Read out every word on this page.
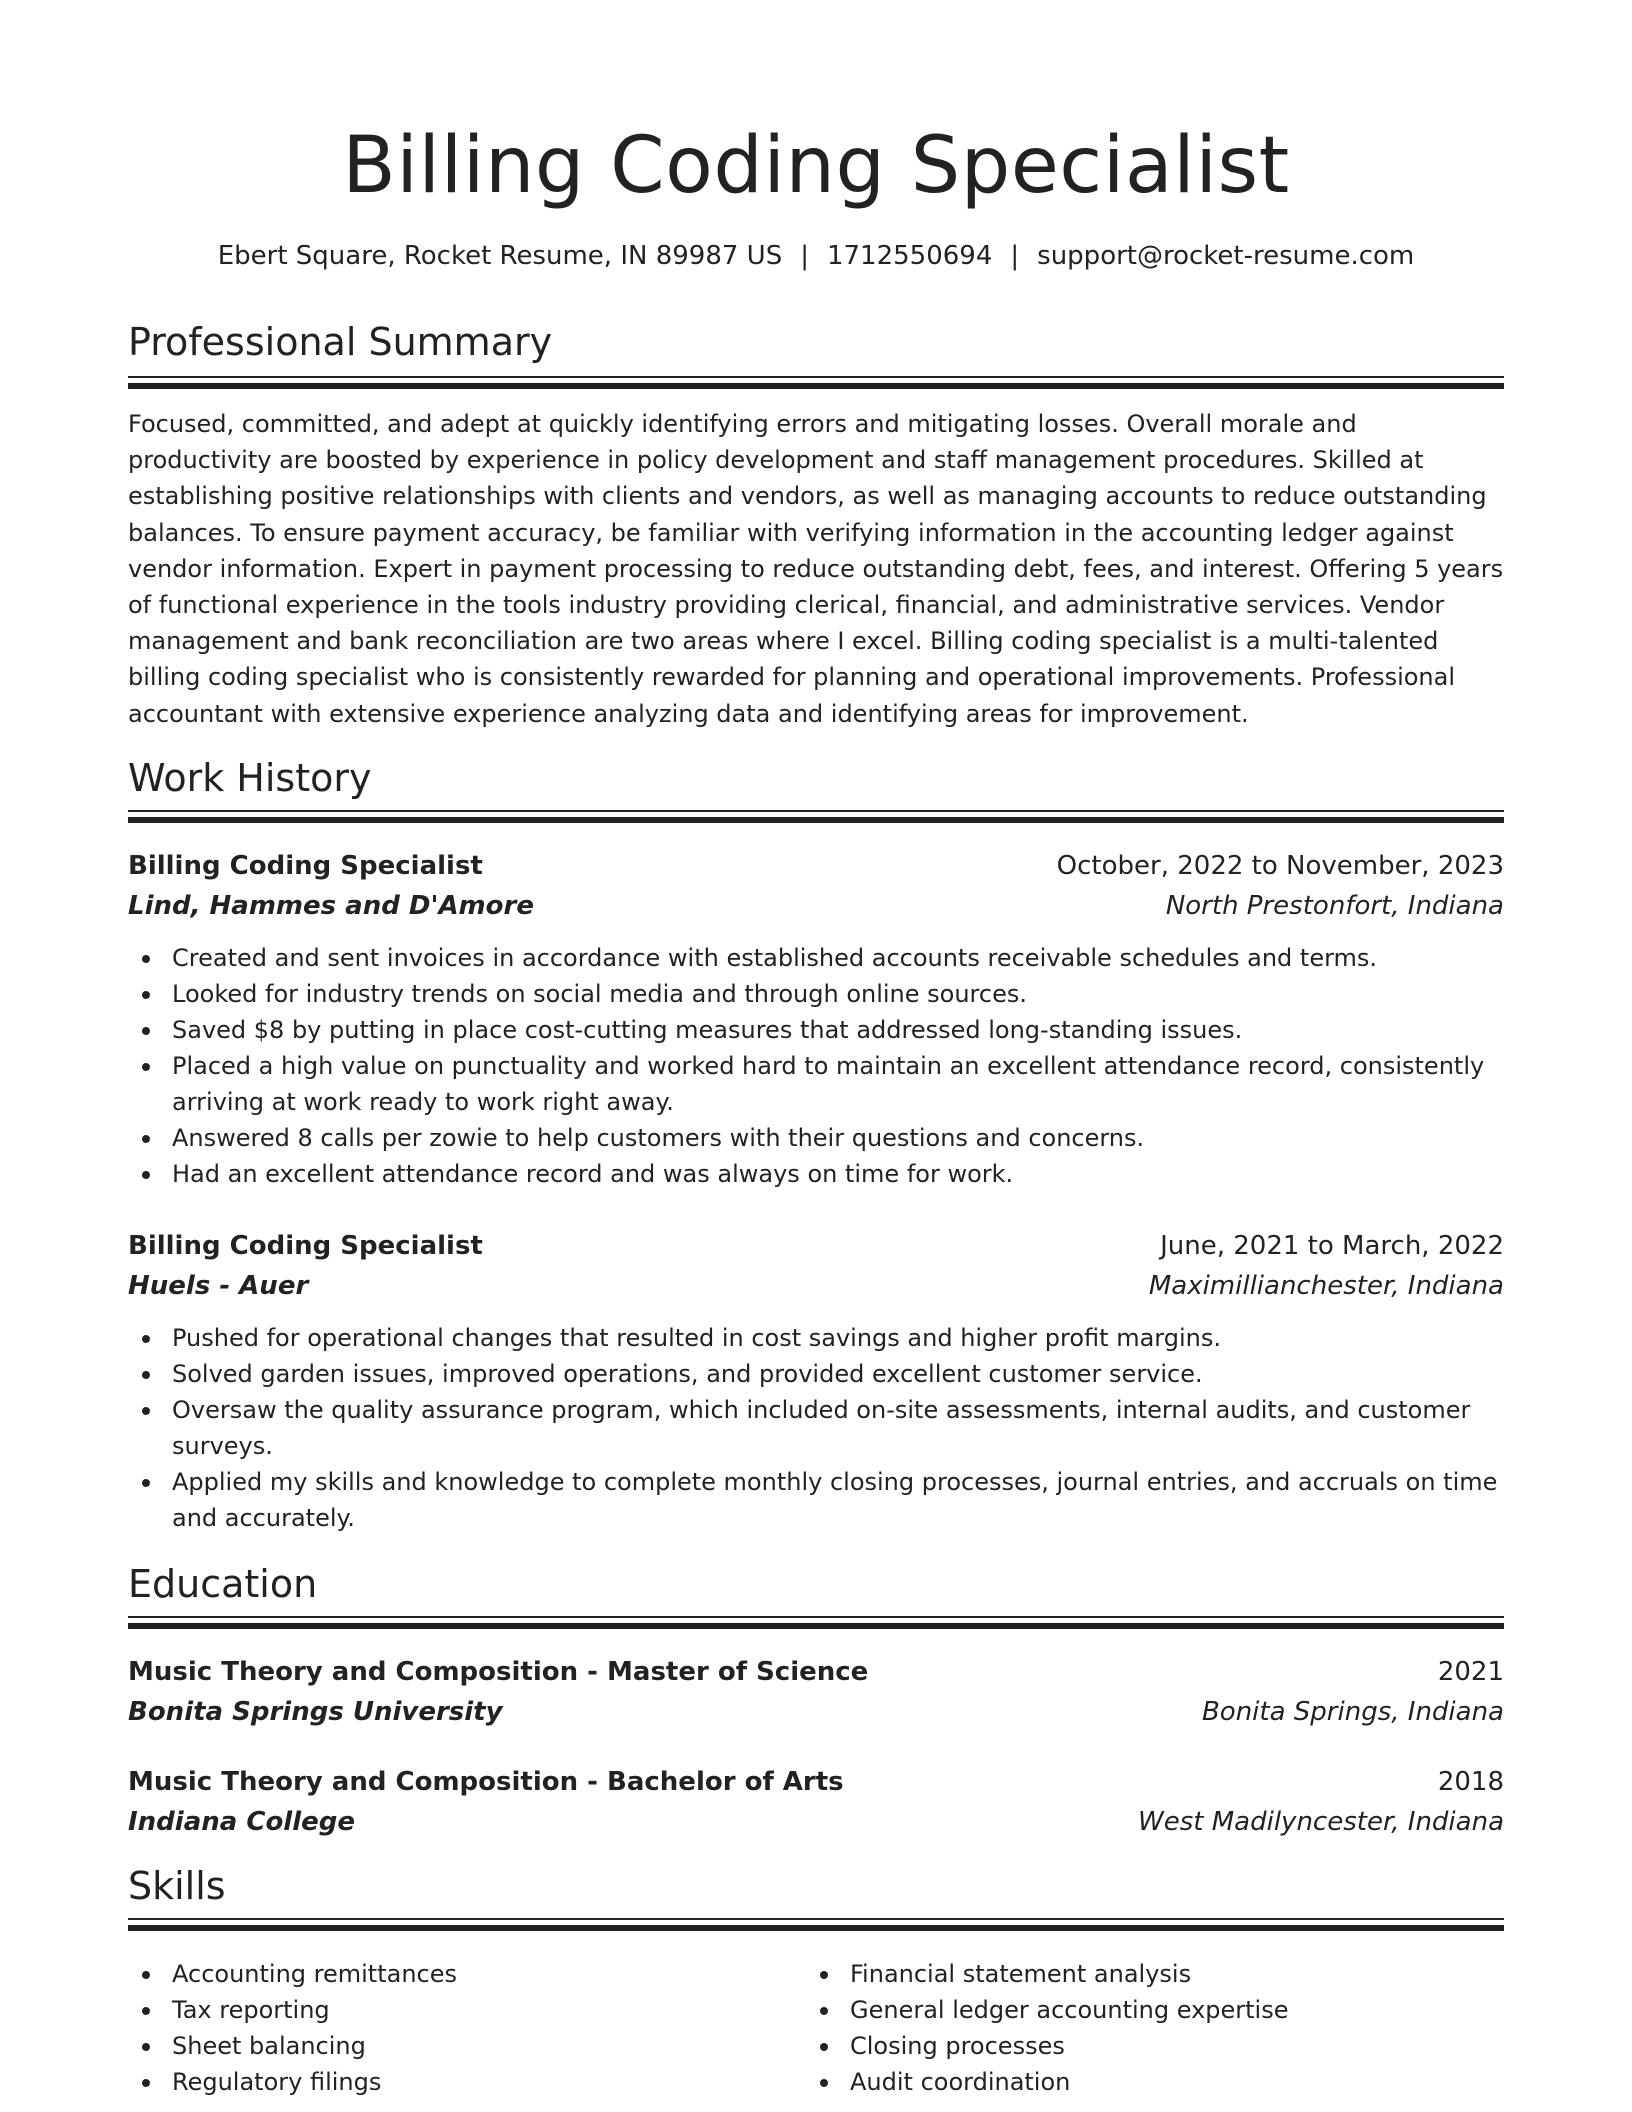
Billing Coding Specialist
Ebert Square, Rocket Resume, IN 89987 US | 1712550694 | support@rocket-resume.com
Professional Summary

Focused, committed, and adept at quickly identifying errors and mitigating losses. Overall morale and productivity are boosted by experience in policy development and staff management procedures. Skilled at establishing positive relationships with clients and vendors, as well as managing accounts to reduce outstanding balances. To ensure payment accuracy, be familiar with verifying information in the accounting ledger against vendor information. Expert in payment processing to reduce outstanding debt, fees, and interest. Offering 5 years of functional experience in the tools industry providing clerical, financial, and administrative services. Vendor management and bank reconciliation are two areas where I excel. Billing coding specialist is a multi-talented billing coding specialist who is consistently rewarded for planning and operational improvements. Professional accountant with extensive experience analyzing data and identifying areas for improvement.

Work History
Billing Coding Specialist	October, 2022 to November, 2023
Lind, Hammes and D'Amore	North Prestonfort, Indiana
Created and sent invoices in accordance with established accounts receivable schedules and terms.
Looked for industry trends on social media and through online sources.
Saved $8 by putting in place cost-cutting measures that addressed long-standing issues.
Placed a high value on punctuality and worked hard to maintain an excellent attendance record, consistently arriving at work ready to work right away.
Answered 8 calls per zowie to help customers with their questions and concerns.
Had an excellent attendance record and was always on time for work.
Billing Coding Specialist	June, 2021 to March, 2022
Huels - Auer	Maximillianchester, Indiana
Pushed for operational changes that resulted in cost savings and higher profit margins.
Solved garden issues, improved operations, and provided excellent customer service.
Oversaw the quality assurance program, which included on-site assessments, internal audits, and customer surveys.
Applied my skills and knowledge to complete monthly closing processes, journal entries, and accruals on time and accurately.
Education
Music Theory and Composition - Master of Science	2021
Bonita Springs University	Bonita Springs, Indiana
Music Theory and Composition - Bachelor of Arts	2018
Indiana College	West Madilyncester, Indiana
Skills
Accounting remittances
Tax reporting
Sheet balancing
Regulatory filings
Financial statement analysis
General ledger accounting expertise
Closing processes
Audit coordination
